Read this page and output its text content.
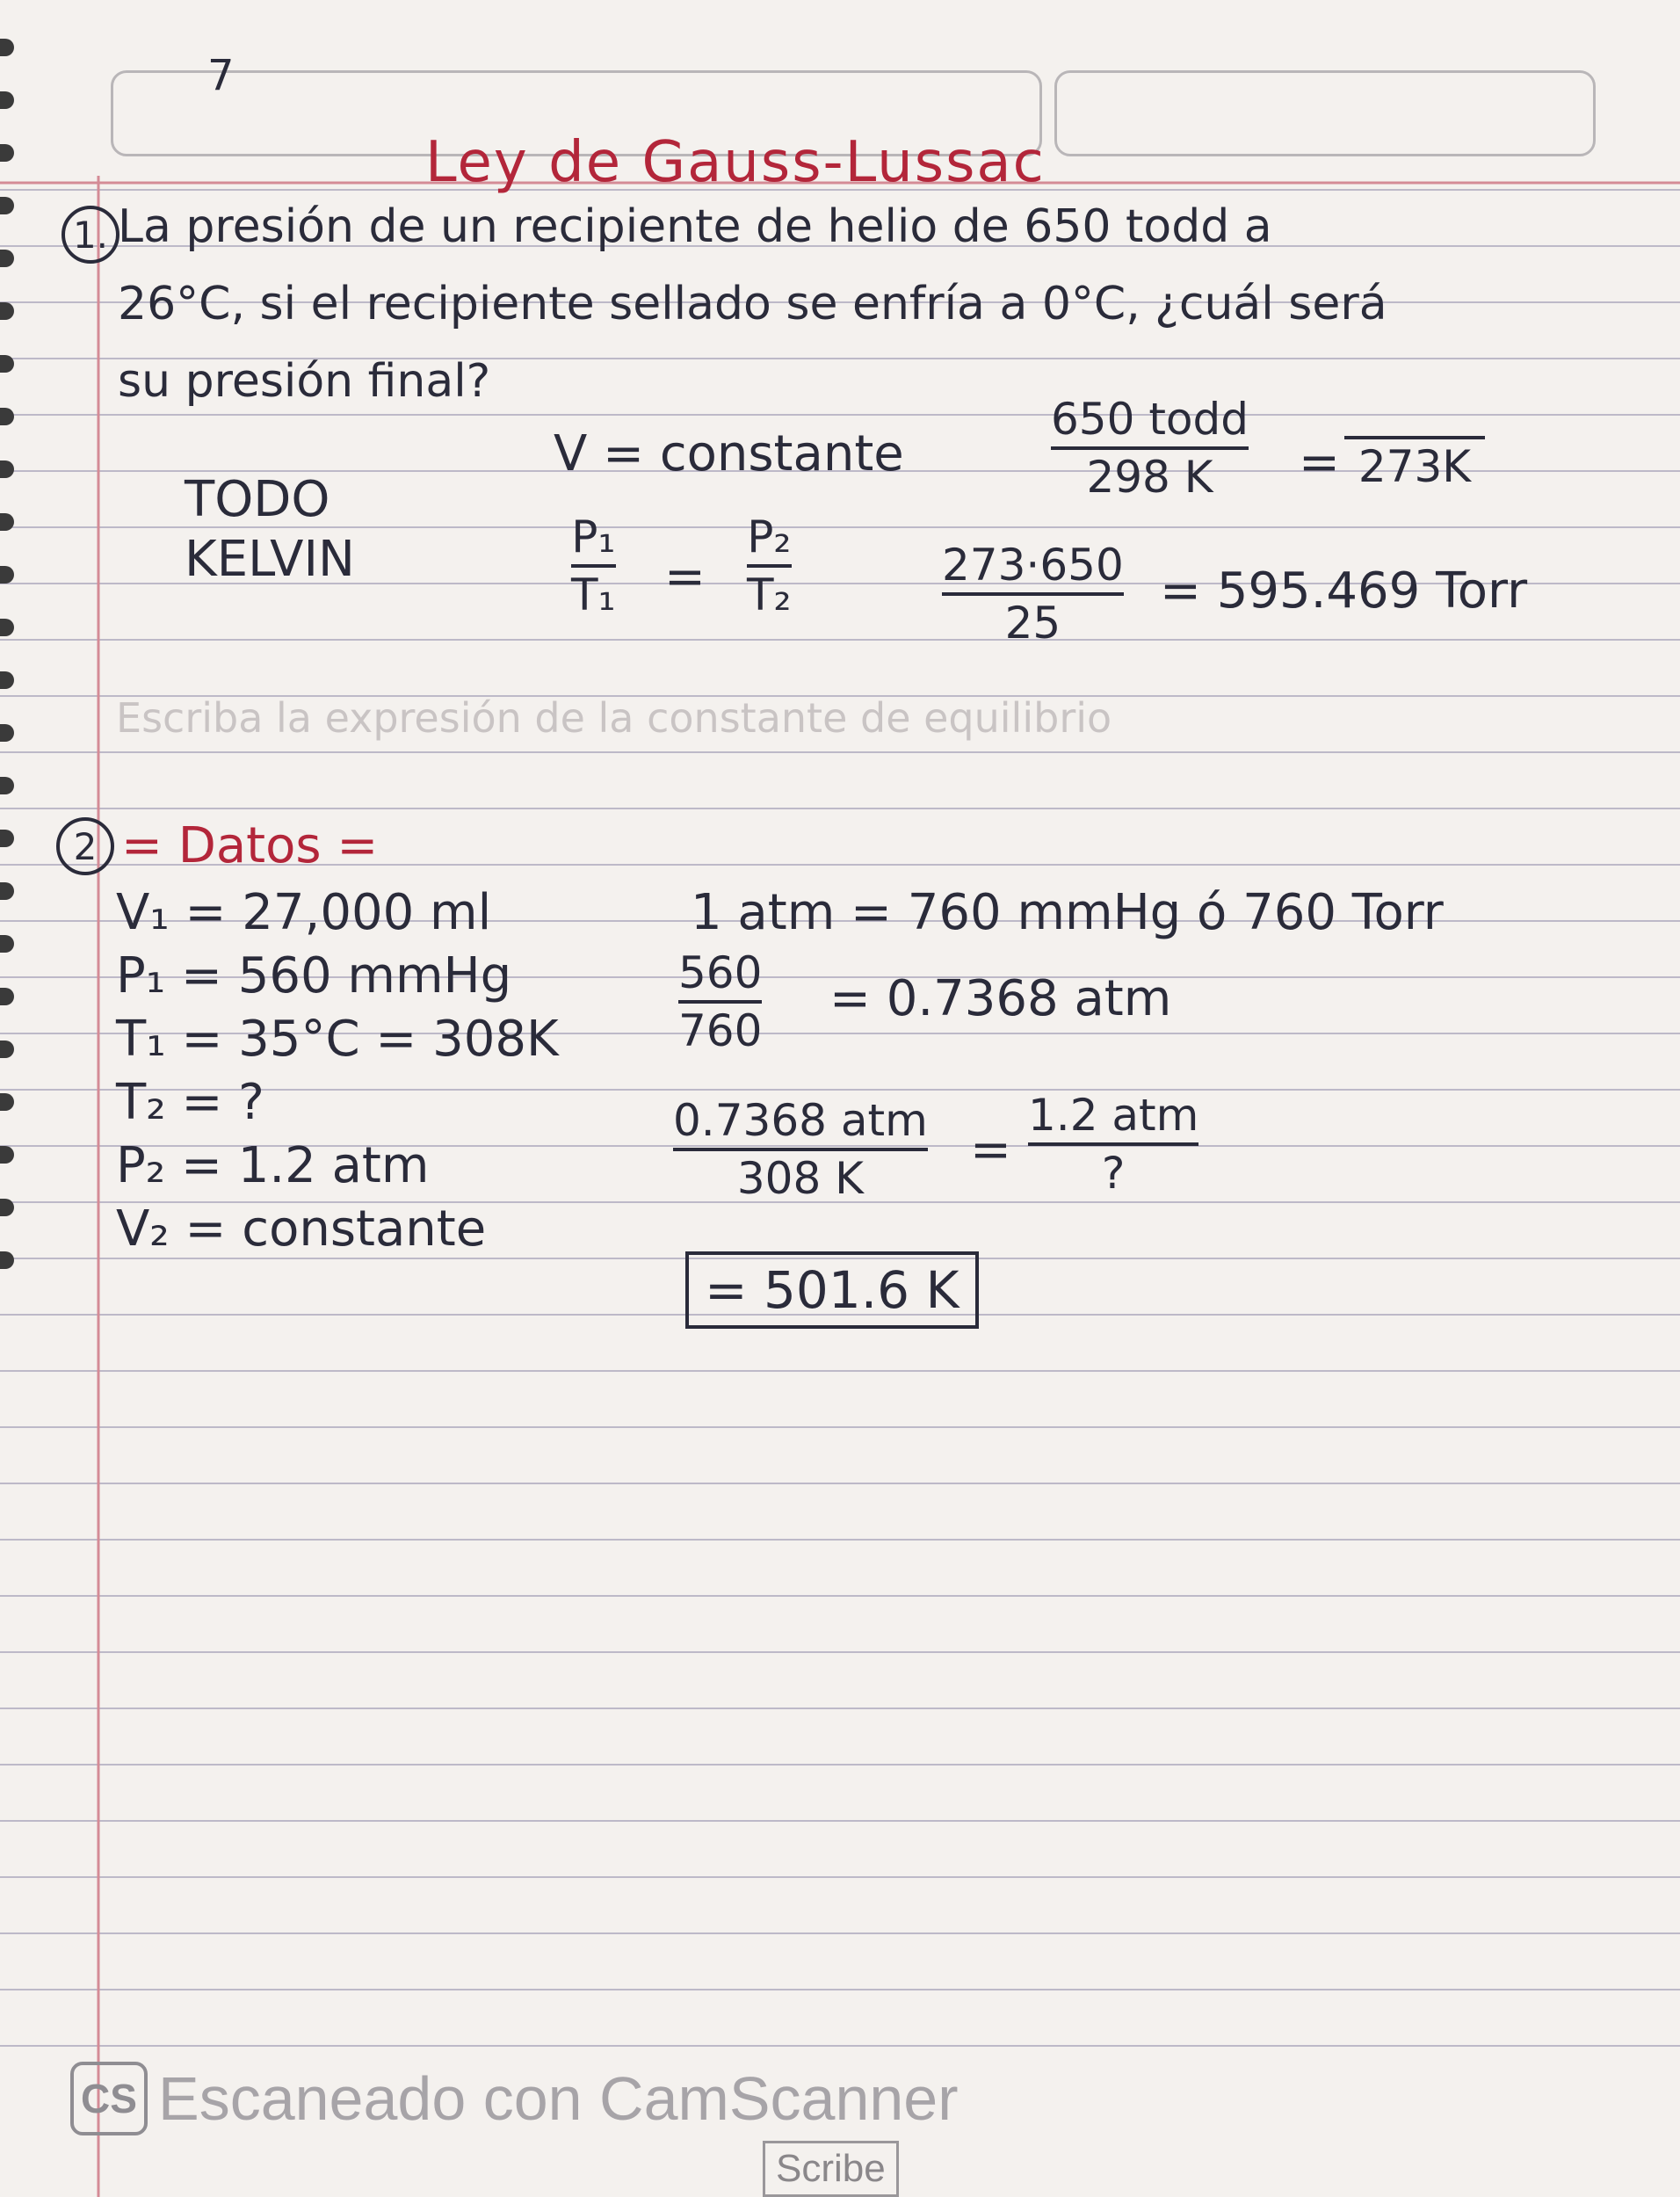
7
Ley de Gauss-Lussac
Escriba la expresión de la constante de equilibrio
1. La presión de un recipiente de helio de 650 todd a
26°C, si el recipiente sellado se enfría a 0°C, ¿cuál será
su presión final?
TODO
KELVIN
V = constante
P₁
T₁ =
P₂
T₂
650 todd
298 K = 273K
273·650
25
= 595.469 Torr
2 = Datos =
V₁ = 27,000 ml
P₁ = 560 mmHg
T₁ = 35°C = 308K
T₂ = ?
P₂ = 1.2 atm
V₂ = constante
1 atm = 760 mmHg ó 760 Torr
560
760
= 0.7368 atm
0.7368 atm
308 K =
1.2 atm
?
= 501.6 K
CS Escaneado con CamScanner
Scribe
